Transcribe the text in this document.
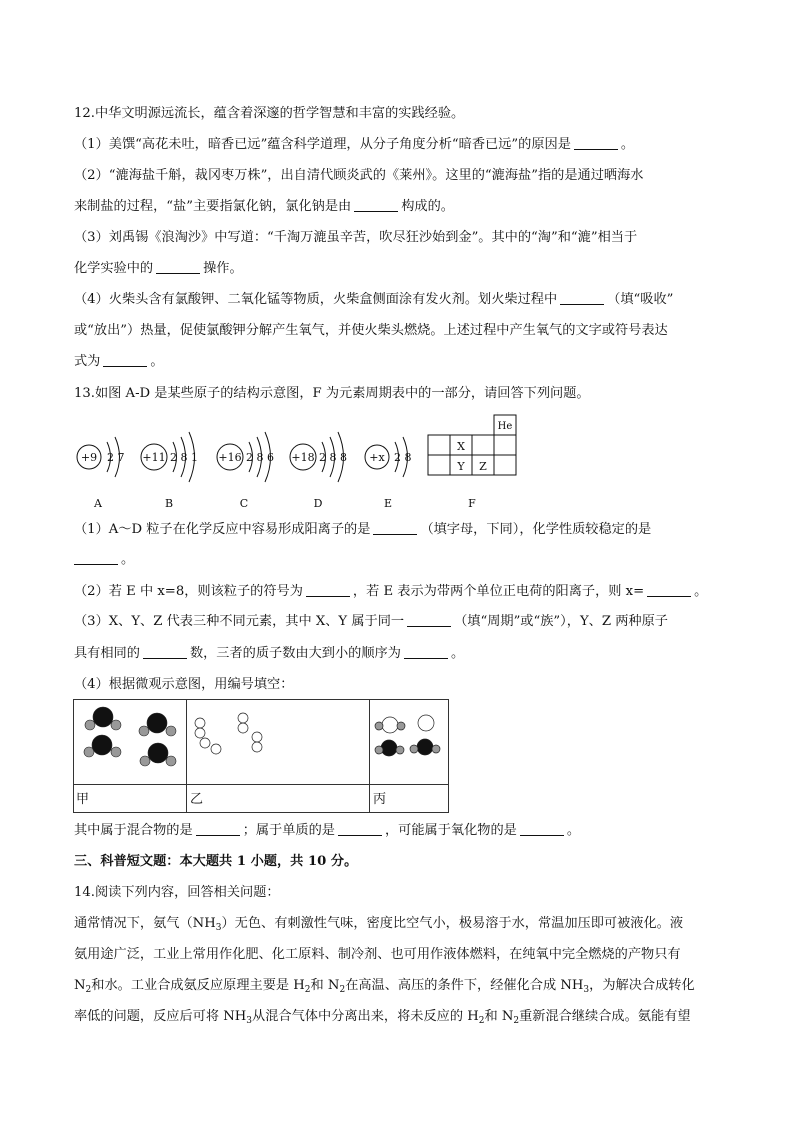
12.中华文明源远流长，蕴含着深邃的哲学智慧和丰富的实践经验。
（1）美馔“高花未吐，暗香已远”蕴含科学道理，从分子角度分析“暗香已远”的原因是	。
（2）“漉海盐千斛，裁冈枣万株”，出自清代顾炎武的《莱州》。这里的“漉海盐”指的是通过晒海水
来制盐的过程，“盐”主要指氯化钠，氯化钠是由	构成的。
（3）刘禹锡《浪淘沙》中写道：“千淘万漉虽辛苦，吹尽狂沙始到金”。其中的“淘”和“漉”相当于
化学实验中的	操作。
（4）火柴头含有氯酸钾、二氧化锰等物质，火柴盒侧面涂有发火剂。划火柴过程中	（填“吸收”
或“放出”）热量，促使氯酸钾分解产生氧气，并使火柴头燃烧。上述过程中产生氧气的文字或符号表达
式为	。
13.如图 A-D 是某些原子的结构示意图，F 为元素周期表中的一部分，请回答下列问题。
+9 2 7
A
+11 2 8 1
B
+16 2 8 6
C
+18 2 8 8
D
+x 2 8
E
He
X
Y Z
F
（1）A～D 粒子在化学反应中容易形成阳离子的是	（填字母，下同），化学性质较稳定的是
。
（2）若 E 中 x=8，则该粒子的符号为	，若 E 表示为带两个单位正电荷的阳离子，则 x=	。
（3）X、Y、Z 代表三种不同元素，其中 X、Y 属于同一	（填“周期”或“族”），Y、Z 两种原子
具有相同的	数，三者的质子数由大到小的顺序为	。
（4）根据微观示意图，用编号填空：
甲	乙	丙
其中属于混合物的是	；属于单质的是	，可能属于氧化物的是	。
三、科普短文题：本大题共 1 小题，共 10 分。
14.阅读下列内容，回答相关问题：
通常情况下，氨气$(NH_3)$无色、有刺激性气味，密度比空气小，极易溶于水，常温加压即可被液化。液
氨用途广泛，工业上常用作化肥、化工原料、制冷剂、也可用作液体燃料，在纯氧中完全燃烧的产物只有
$N_2$和水。工业合成氨反应原理主要是 $H_2$和 $N_2$在高温、高压的条件下，经催化合成 $NH_3$，为解决合成转化
率低的问题，反应后可将 $NH_3$从混合气体中分离出来，将未反应的 $H_2$和 $N_2$重新混合继续合成。氨能有望
